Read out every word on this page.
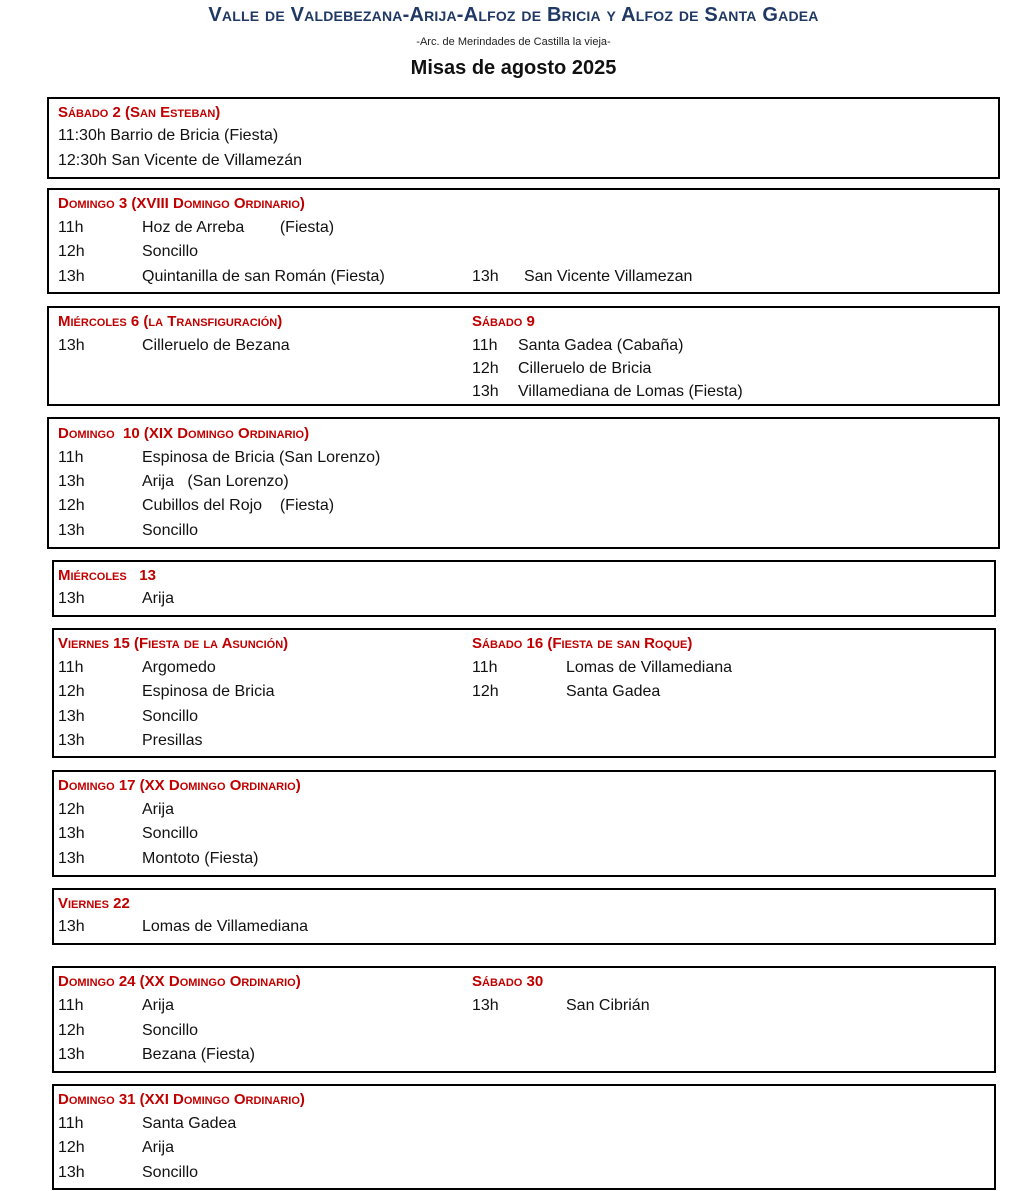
Valle de Valdebezana-Arija-Alfoz de Bricia y Alfoz de Santa Gadea
-Arc. de Merindades de Castilla la vieja-
Misas de agosto 2025
Sábado 2 (San Esteban)
11:30h Barrio de Bricia (Fiesta)
12:30h San Vicente de Villamezán
Domingo 3 (XVIII Domingo Ordinario)
11h	Hoz de Arreba        (Fiesta)
12h	Soncillo
13h	Quintanilla de san Román (Fiesta)	13h San Vicente Villamezan
Miércoles 6 (la Transfiguración)
13h	Cilleruelo de Bezana
Sábado 9
11h Santa Gadea (Cabaña)
12h Cilleruelo de Bricia
13h Villamediana de Lomas (Fiesta)
Domingo  10 (XIX Domingo Ordinario)
11h	Espinosa de Bricia (San Lorenzo)
13h	Arija   (San Lorenzo)
12h	Cubillos del Rojo    (Fiesta)
13h	Soncillo
Miércoles   13
13h	Arija
Viernes 15 (Fiesta de la Asunción)
11h	Argomedo
12h	Espinosa de Bricia
13h	Soncillo
13h	Presillas
Sábado 16 (Fiesta de san Roque)
11h	Lomas de Villamediana
12h	Santa Gadea
Domingo 17 (XX Domingo Ordinario)
12h	Arija
13h	Soncillo
13h	Montoto (Fiesta)
Viernes 22
13h	Lomas de Villamediana
Domingo 24 (XX Domingo Ordinario)
11h	Arija
12h	Soncillo
13h	Bezana (Fiesta)
Sábado 30
13h	San Cibrián
Domingo 31 (XXI Domingo Ordinario)
11h	Santa Gadea
12h	Arija
13h	Soncillo
